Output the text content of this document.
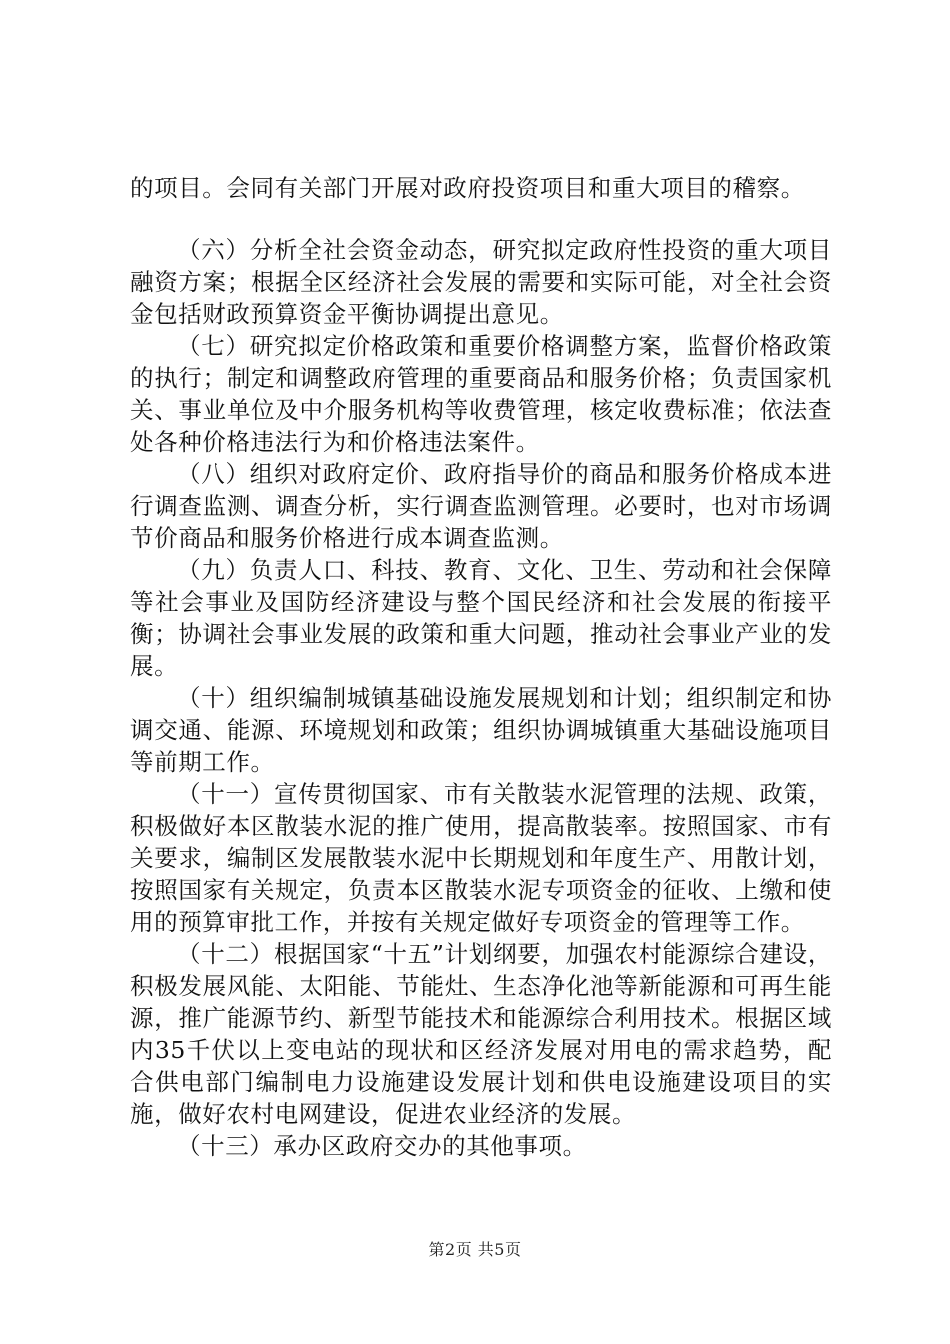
的项目。会同有关部门开展对政府投资项目和重大项目的稽察。

（六）分析全社会资金动态，研究拟定政府性投资的重大项目融资方案；根据全区经济社会发展的需要和实际可能，对全社会资金包括财政预算资金平衡协调提出意见。

（七）研究拟定价格政策和重要价格调整方案，监督价格政策的执行；制定和调整政府管理的重要商品和服务价格；负责国家机关、事业单位及中介服务机构等收费管理，核定收费标准；依法查处各种价格违法行为和价格违法案件。

（八）组织对政府定价、政府指导价的商品和服务价格成本进行调查监测、调查分析，实行调查监测管理。必要时，也对市场调节价商品和服务价格进行成本调查监测。

（九）负责人口、科技、教育、文化、卫生、劳动和社会保障等社会事业及国防经济建设与整个国民经济和社会发展的衔接平衡；协调社会事业发展的政策和重大问题，推动社会事业产业的发展。

（十）组织编制城镇基础设施发展规划和计划；组织制定和协调交通、能源、环境规划和政策；组织协调城镇重大基础设施项目等前期工作。

（十一）宣传贯彻国家、市有关散装水泥管理的法规、政策，积极做好本区散装水泥的推广使用，提高散装率。按照国家、市有关要求，编制区发展散装水泥中长期规划和年度生产、用散计划，按照国家有关规定，负责本区散装水泥专项资金的征收、上缴和使用的预算审批工作，并按有关规定做好专项资金的管理等工作。

（十二）根据国家“十五”计划纲要，加强农村能源综合建设，积极发展风能、太阳能、节能灶、生态净化池等新能源和可再生能源，推广能源节约、新型节能技术和能源综合利用技术。根据区域内35千伏以上变电站的现状和区经济发展对用电的需求趋势，配合供电部门编制电力设施建设发展计划和供电设施建设项目的实施，做好农村电网建设，促进农业经济的发展。

（十三）承办区政府交办的其他事项。

第2页 共5页
